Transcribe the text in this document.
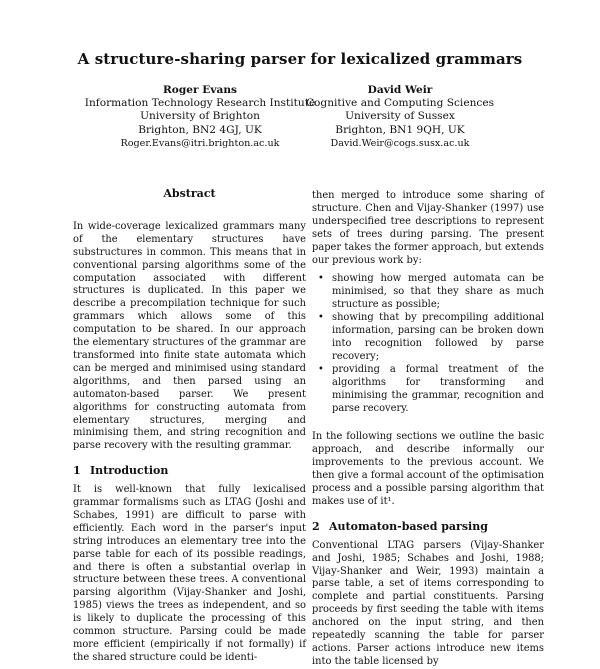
A structure-sharing parser for lexicalized grammars
Roger Evans
Information Technology Research Institute
University of Brighton
Brighton, BN2 4GJ, UK
Roger.Evans@itri.brighton.ac.uk
David Weir
Cognitive and Computing Sciences
University of Sussex
Brighton, BN1 9QH, UK
David.Weir@cogs.susx.ac.uk
Abstract

In wide-coverage lexicalized grammars many of the elementary structures have substructures in common. This means that in conventional parsing algorithms some of the computation associated with different structures is duplicated. In this paper we describe a precompilation technique for such grammars which allows some of this computation to be shared. In our approach the elementary structures of the grammar are transformed into finite state automata which can be merged and minimised using standard algorithms, and then parsed using an automaton-based parser. We present algorithms for constructing automata from elementary structures, merging and minimising them, and string recognition and parse recovery with the resulting grammar.

1 Introduction

It is well-known that fully lexicalised grammar formalisms such as LTAG (Joshi and Schabes, 1991) are difficult to parse with efficiently. Each word in the parser's input string introduces an elementary tree into the parse table for each of its possible readings, and there is often a substantial overlap in structure between these trees. A conventional parsing algorithm (Vijay-Shanker and Joshi, 1985) views the trees as independent, and so is likely to duplicate the processing of this common structure. Parsing could be made more efficient (empirically if not formally) if the shared structure could be identi-

then merged to introduce some sharing of structure. Chen and Vijay-Shanker (1997) use underspecified tree descriptions to represent sets of trees during parsing. The present paper takes the former approach, but extends our previous work by:

• showing how merged automata can be minimised, so that they share as much structure as possible;
• showing that by precompiling additional information, parsing can be broken down into recognition followed by parse recovery;
• providing a formal treatment of the algorithms for transforming and minimising the grammar, recognition and parse recovery.

In the following sections we outline the basic approach, and describe informally our improvements to the previous account. We then give a formal account of the optimisation process and a possible parsing algorithm that makes use of it¹.

2 Automaton-based parsing

Conventional LTAG parsers (Vijay-Shanker and Joshi, 1985; Schabes and Joshi, 1988; Vijay-Shanker and Weir, 1993) maintain a parse table, a set of items corresponding to complete and partial constituents. Parsing proceeds by first seeding the table with items anchored on the input string, and then repeatedly scanning the table for parser actions. Parser actions introduce new items into the table licensed by
